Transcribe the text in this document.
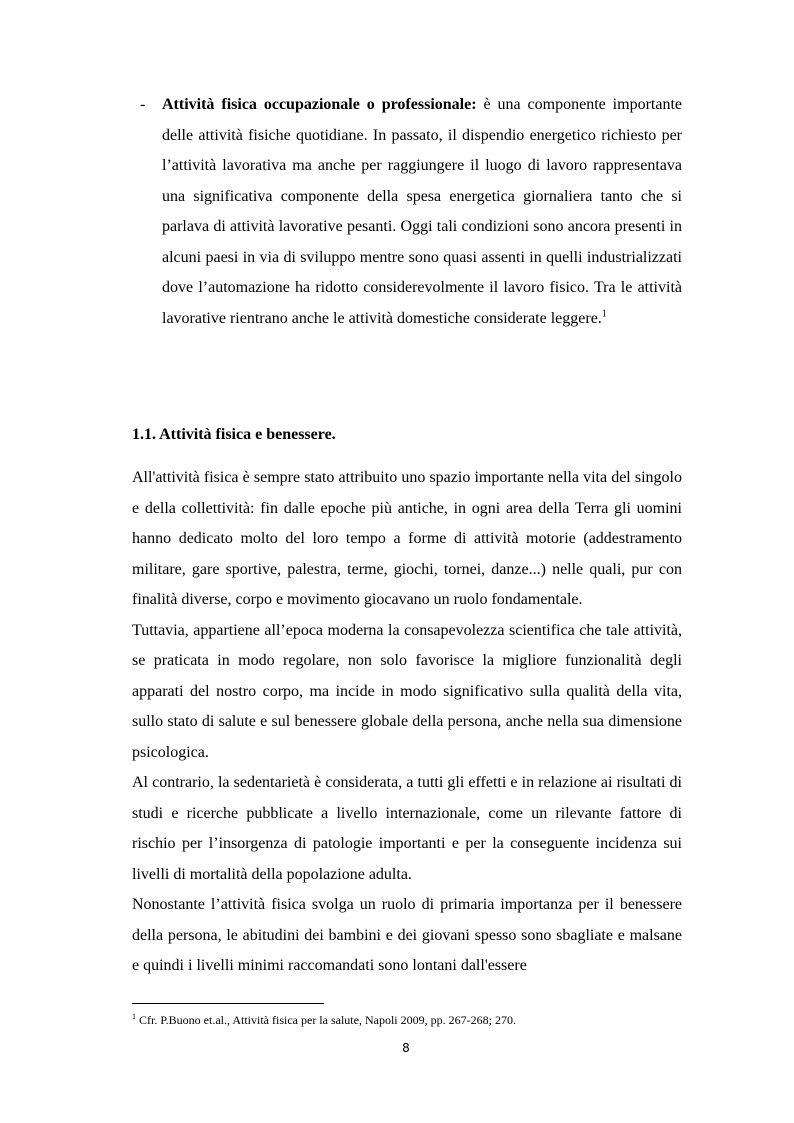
- Attività fisica occupazionale o professionale: è una componente importante delle attività fisiche quotidiane. In passato, il dispendio energetico richiesto per l’attività lavorativa ma anche per raggiungere il luogo di lavoro rappresentava una significativa componente della spesa energetica giornaliera tanto che si parlava di attività lavorative pesanti. Oggi tali condizioni sono ancora presenti in alcuni paesi in via di sviluppo mentre sono quasi assenti in quelli industrializzati dove l’automazione ha ridotto considerevolmente il lavoro fisico. Tra le attività lavorative rientrano anche le attività domestiche considerate leggere.$^1$
1.1. Attività fisica e benessere.

All'attività fisica è sempre stato attribuito uno spazio importante nella vita del singolo e della collettività: fin dalle epoche più antiche, in ogni area della Terra gli uomini hanno dedicato molto del loro tempo a forme di attività motorie (addestramento militare, gare sportive, palestra, terme, giochi, tornei, danze...) nelle quali, pur con finalità diverse, corpo e movimento giocavano un ruolo fondamentale.

Tuttavia, appartiene all’epoca moderna la consapevolezza scientifica che tale attività, se praticata in modo regolare, non solo favorisce la migliore funzionalità degli apparati del nostro corpo, ma incide in modo significativo sulla qualità della vita, sullo stato di salute e sul benessere globale della persona, anche nella sua dimensione psicologica.

Al contrario, la sedentarietà è considerata, a tutti gli effetti e in relazione ai risultati di studi e ricerche pubblicate a livello internazionale, come un rilevante fattore di rischio per l’insorgenza di patologie importanti e per la conseguente incidenza sui livelli di mortalità della popolazione adulta.

Nonostante l’attività fisica svolga un ruolo di primaria importanza per il benessere della persona, le abitudini dei bambini e dei giovani spesso sono sbagliate e malsane e quindi i livelli minimi raccomandati sono lontani dall'essere

$^1$ Cfr. P.Buono et.al., Attività fisica per la salute, Napoli 2009, pp. 267-268; 270.
8
